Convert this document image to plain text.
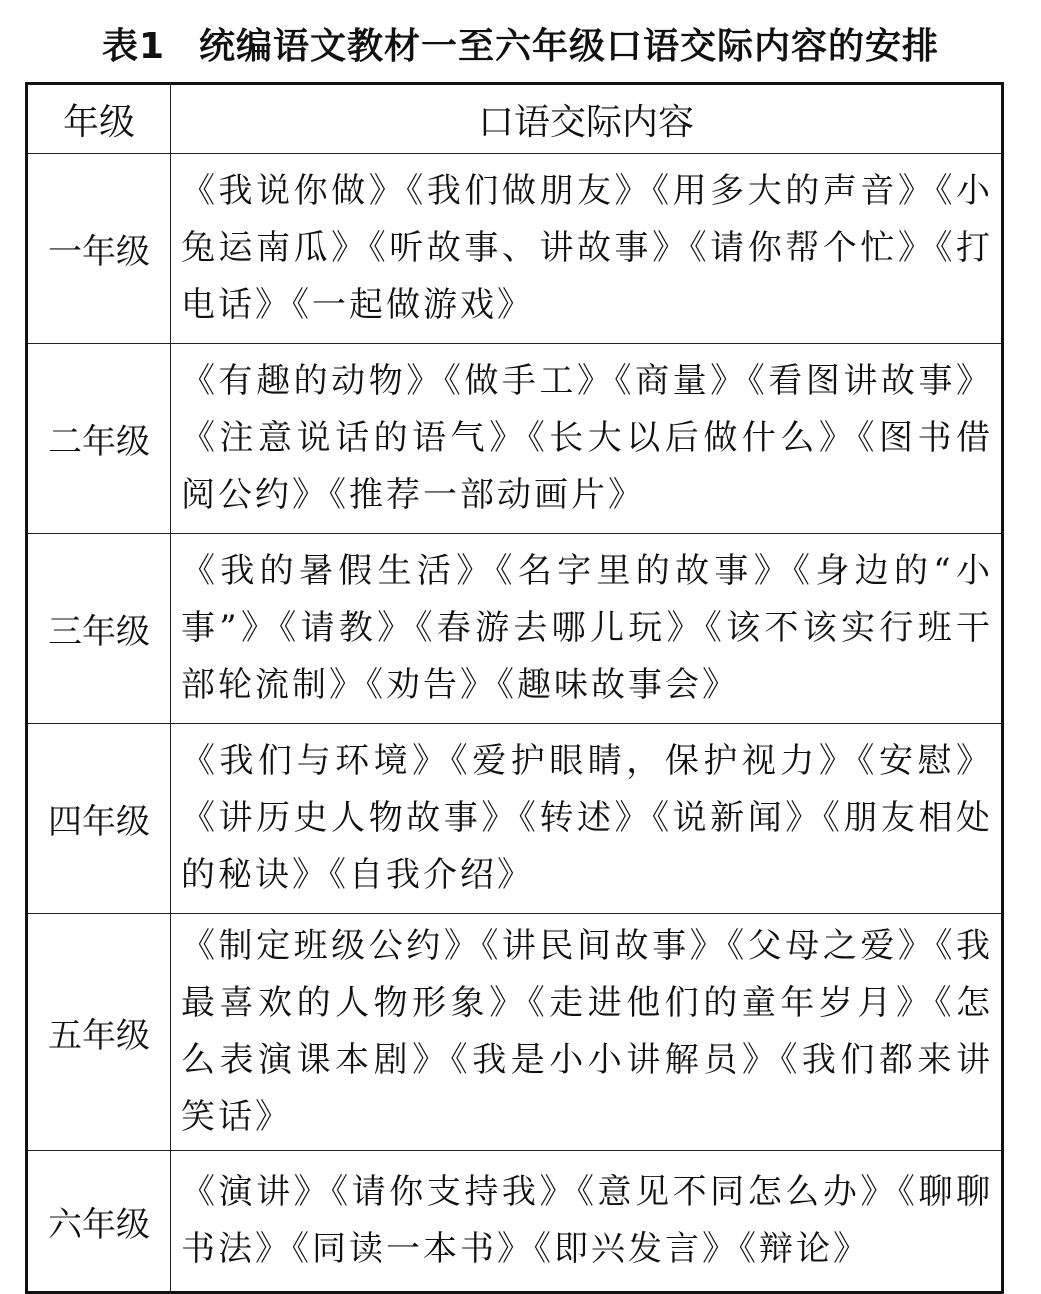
表1 统编语文教材一至六年级口语交际内容的安排
年级	口语交际内容
一年级	《我说你做》《我们做朋友》《用多大的声音》《小兔运南瓜》《听故事、讲故事》《请你帮个忙》《打电话》《一起做游戏》
二年级	《有趣的动物》《做手工》《商量》《看图讲故事》《注意说话的语气》《长大以后做什么》《图书借阅公约》《推荐一部动画片》
三年级	《我的暑假生活》《名字里的故事》《身边的“小事”》《请教》《春游去哪儿玩》《该不该实行班干部轮流制》《劝告》《趣味故事会》
四年级	《我们与环境》《爱护眼睛，保护视力》《安慰》《讲历史人物故事》《转述》《说新闻》《朋友相处的秘诀》《自我介绍》
五年级	《制定班级公约》《讲民间故事》《父母之爱》《我最喜欢的人物形象》《走进他们的童年岁月》《怎么表演课本剧》《我是小小讲解员》《我们都来讲笑话》
六年级	《演讲》《请你支持我》《意见不同怎么办》《聊聊书法》《同读一本书》《即兴发言》《辩论》
